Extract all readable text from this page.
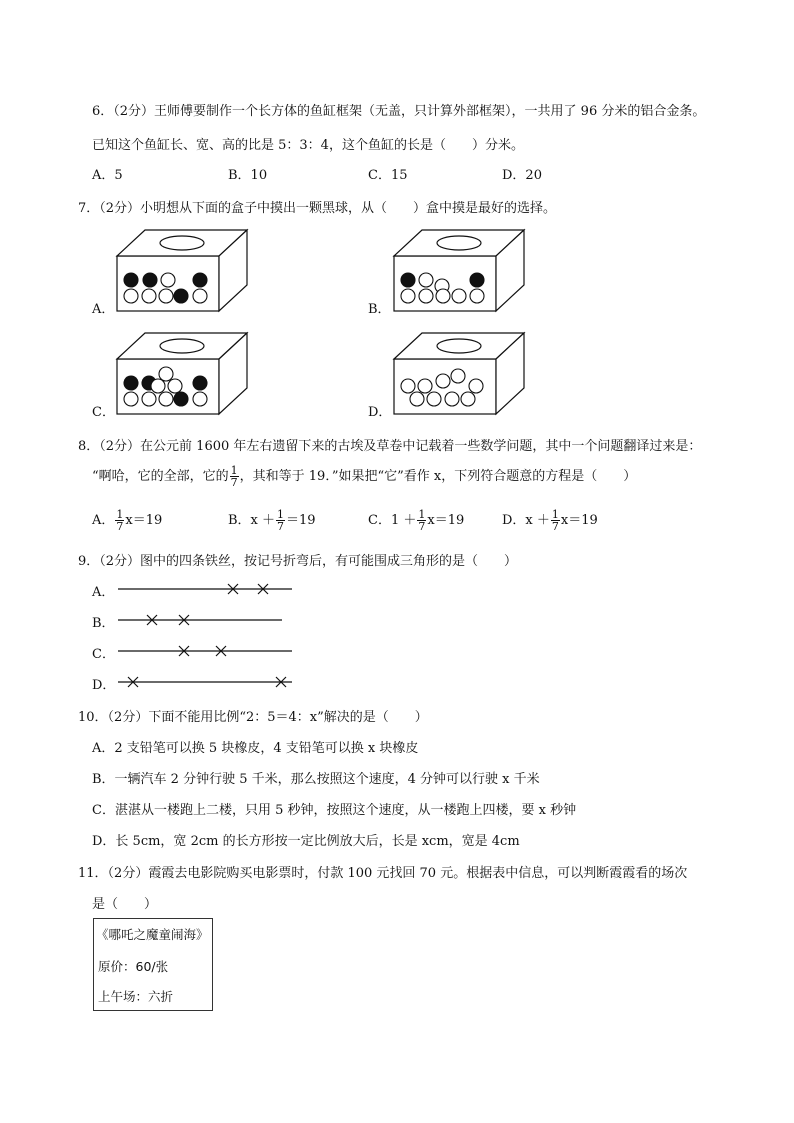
6．（2分）王师傅要制作一个长方体的鱼缸框架（无盖，只计算外部框架），一共用了 96 分米的铝合金条。
已知这个鱼缸长、宽、高的比是 5：3：4，这个鱼缸的长是（　　）分米。
A．5	B．10	C．15	D．20
7．（2分）小明想从下面的盒子中摸出一颗黑球，从（　　）盒中摸是最好的选择。
A．	B．
C．	D．
8．（2分）在公元前 1600 年左右遗留下来的古埃及草卷中记载着一些数学问题，其中一个问题翻译过来是：
“啊哈，它的全部，它的 $\frac{1}{7}$ ，其和等于 19．”如果把“它”看作 x，下列符合题意的方程是（　　）
A． $\frac{1}{7} x=19$	B．$x + \frac{1}{7} =19$	C．$1 + \frac{1}{7} x=19$	D．$x + \frac{1}{7} x=19$
9．（2分）图中的四条铁丝，按记号折弯后，有可能围成三角形的是（　　）
A．
B．
C．
D．
10．（2分）下面不能用比例“2：5＝4：x”解决的是（　　）
A．2 支铅笔可以换 5 块橡皮，4 支铅笔可以换 x 块橡皮
B．一辆汽车 2 分钟行驶 5 千米，那么按照这个速度，4 分钟可以行驶 x 千米
C．湛湛从一楼跑上二楼，只用 5 秒钟，按照这个速度，从一楼跑上四楼，要 x 秒钟
D．长 5cm，宽 2cm 的长方形按一定比例放大后，长是 xcm，宽是 4cm
11．（2分）霞霞去电影院购买电影票时，付款 100 元找回 70 元。根据表中信息，可以判断霞霞看的场次
是（　　）
《哪吒之魔童闹海》
原价：60/张
上午场：六折
